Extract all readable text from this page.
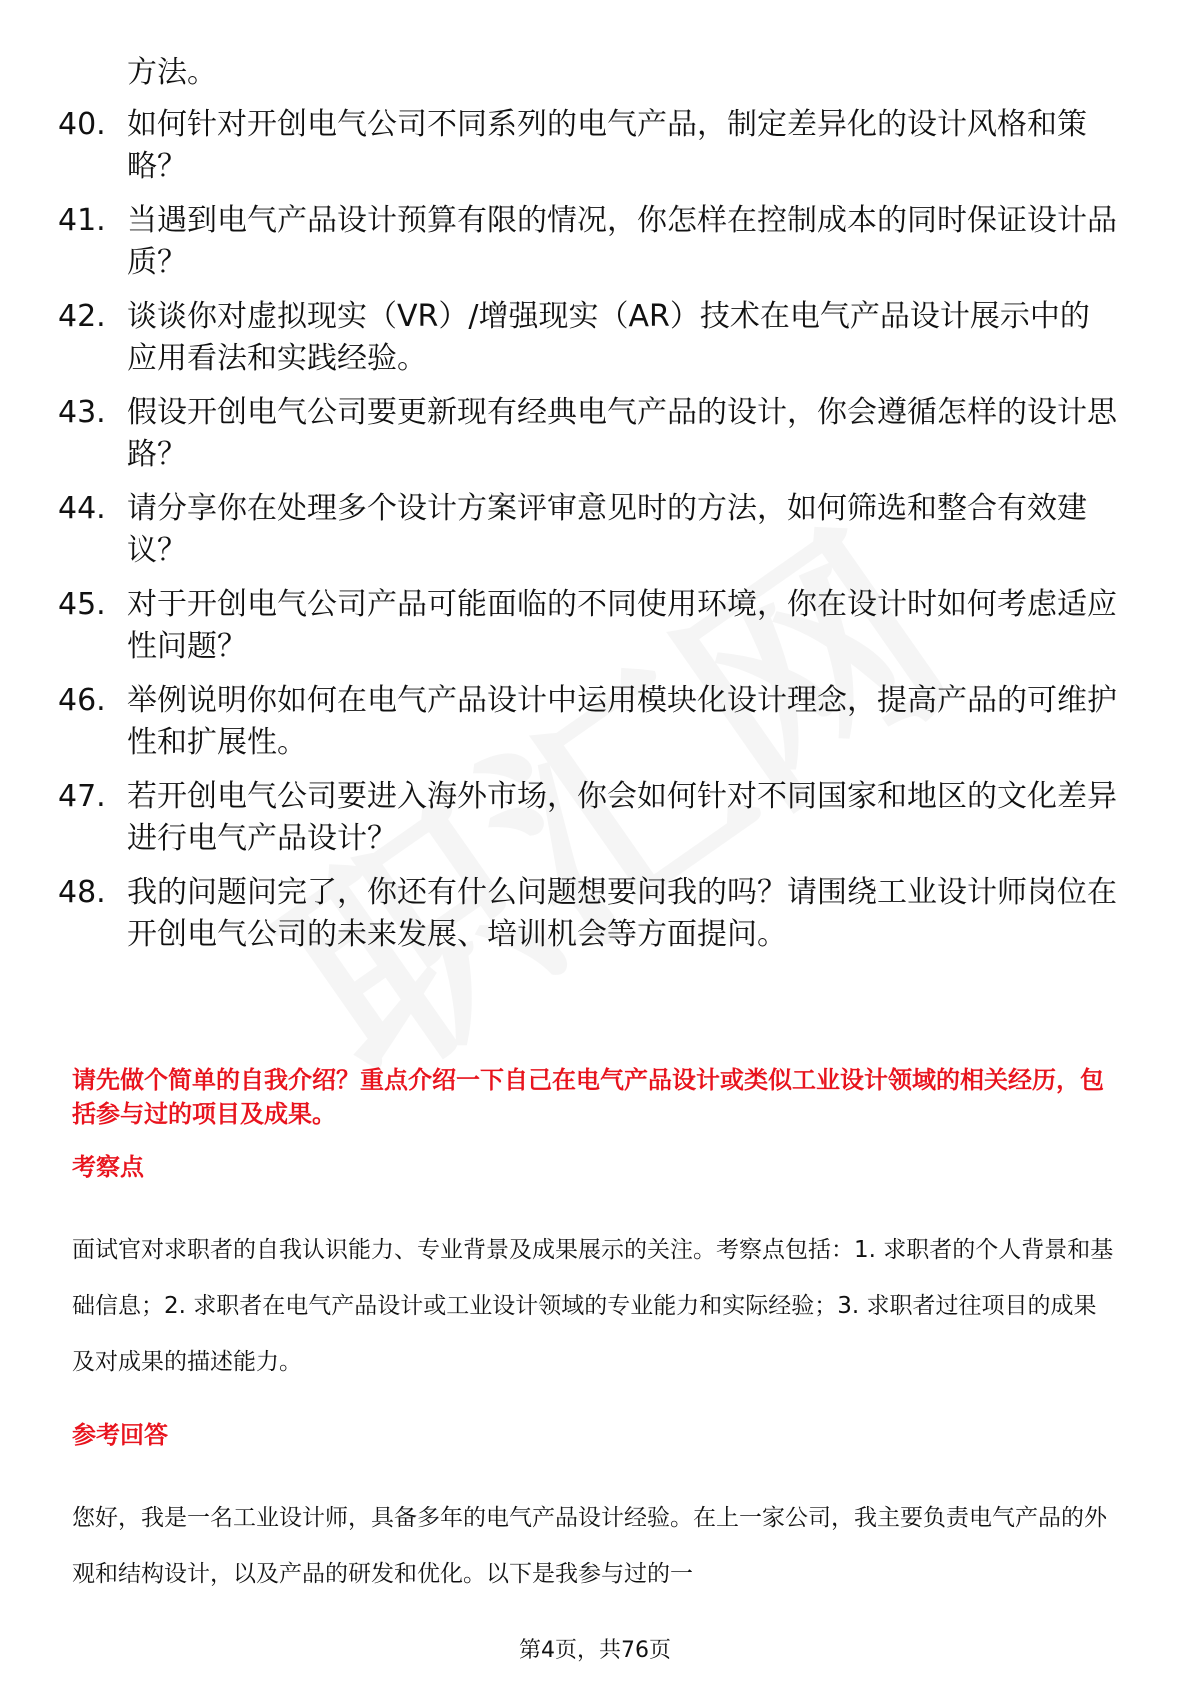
方法。
40. 如何针对开创电气公司不同系列的电气产品，制定差异化的设计风格和策略？
41. 当遇到电气产品设计预算有限的情况，你怎样在控制成本的同时保证设计品质？
42. 谈谈你对虚拟现实（VR）/增强现实（AR）技术在电气产品设计展示中的应用看法和实践经验。
43. 假设开创电气公司要更新现有经典电气产品的设计，你会遵循怎样的设计思路？
44. 请分享你在处理多个设计方案评审意见时的方法，如何筛选和整合有效建议？
45. 对于开创电气公司产品可能面临的不同使用环境，你在设计时如何考虑适应性问题？
46. 举例说明你如何在电气产品设计中运用模块化设计理念，提高产品的可维护性和扩展性。
47. 若开创电气公司要进入海外市场，你会如何针对不同国家和地区的文化差异进行电气产品设计？
48. 我的问题问完了，你还有什么问题想要问我的吗？请围绕工业设计师岗位在开创电气公司的未来发展、培训机会等方面提问。
请先做个简单的自我介绍？重点介绍一下自己在电气产品设计或类似工业设计领域的相关经历，包括参与过的项目及成果。
考察点
面试官对求职者的自我认识能力、专业背景及成果展示的关注。考察点包括：1. 求职者的个人背景和基础信息；2. 求职者在电气产品设计或工业设计领域的专业能力和实际经验；3. 求职者过往项目的成果及对成果的描述能力。
参考回答
您好，我是一名工业设计师，具备多年的电气产品设计经验。在上一家公司，我主要负责电气产品的外观和结构设计，以及产品的研发和优化。以下是我参与过的一
第4页，共76页
